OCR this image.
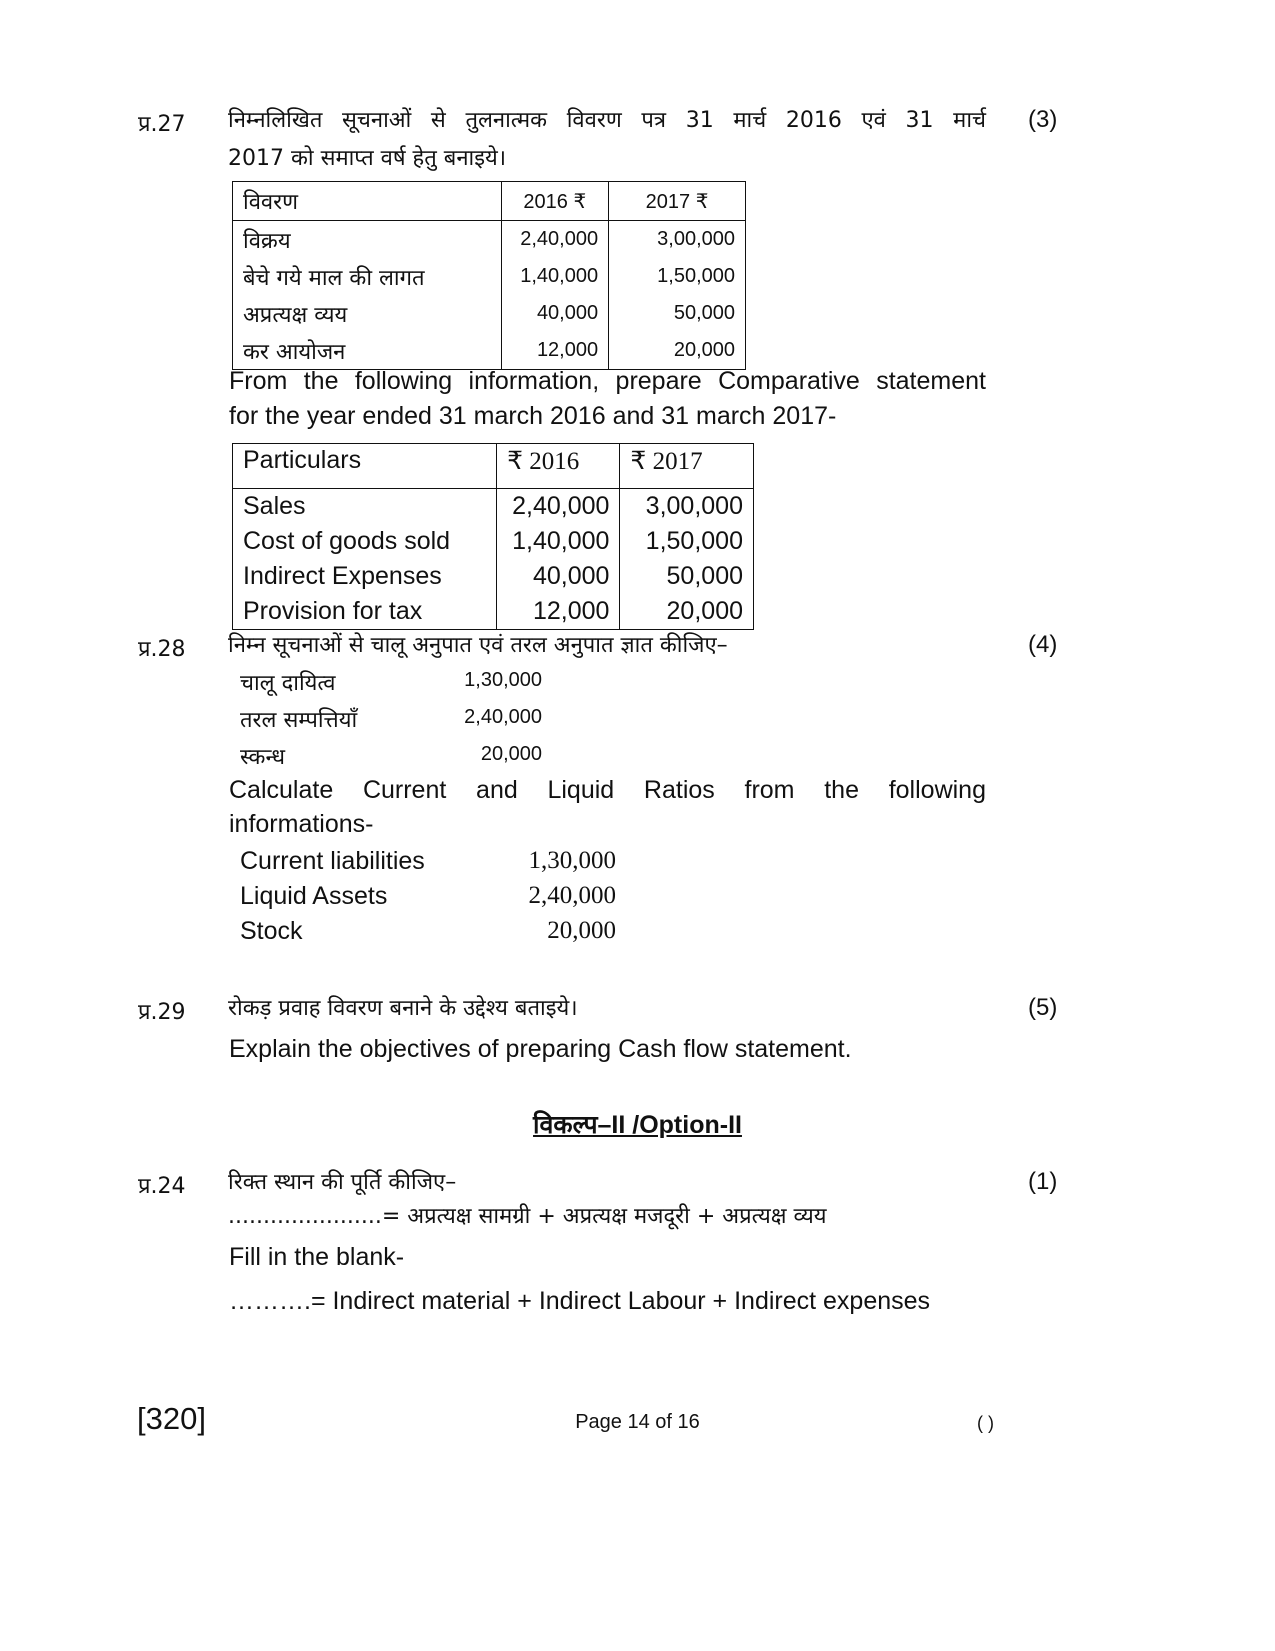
प्र.27 निम्नलिखित सूचनाओं से तुलनात्मक विवरण पत्र 31 मार्च 2016 एवं 31 मार्च (3)
2017 को समाप्त वर्ष हेतु बनाइये।
विवरण	2016 ₹	2017 ₹
विक्रय	2,40,000	3,00,000
बेचे गये माल की लागत	1,40,000	1,50,000
अप्रत्यक्ष व्यय	40,000	50,000
कर आयोजन	12,000	20,000
From the following information, prepare Comparative statement
for the year ended 31 march 2016 and 31 march 2017-
Particulars	₹ 2016	₹ 2017
Sales	2,40,000	3,00,000
Cost of goods sold	1,40,000	1,50,000
Indirect Expenses	40,000	50,000
Provision for tax	12,000	20,000
प्र.28 निम्न सूचनाओं से चालू अनुपात एवं तरल अनुपात ज्ञात कीजिए–	(4)
चालू दायित्व	1,30,000
तरल सम्पत्तियाँ	2,40,000
स्कन्ध	20,000
Calculate Current and Liquid Ratios from the following
informations-
Current liabilities	1,30,000
Liquid Assets	2,40,000
Stock	20,000
प्र.29 रोकड़ प्रवाह विवरण बनाने के उद्देश्य बताइये।	(5)
Explain the objectives of preparing Cash flow statement.
विकल्प–II /Option-II
प्र.24 रिक्त स्थान की पूर्ति कीजिए–	(1)
......................= अप्रत्यक्ष सामग्री + अप्रत्यक्ष मजदूरी + अप्रत्यक्ष व्यय
Fill in the blank-
……….= Indirect material + Indirect Labour + Indirect expenses
[320]	Page 14 of 16	( )
